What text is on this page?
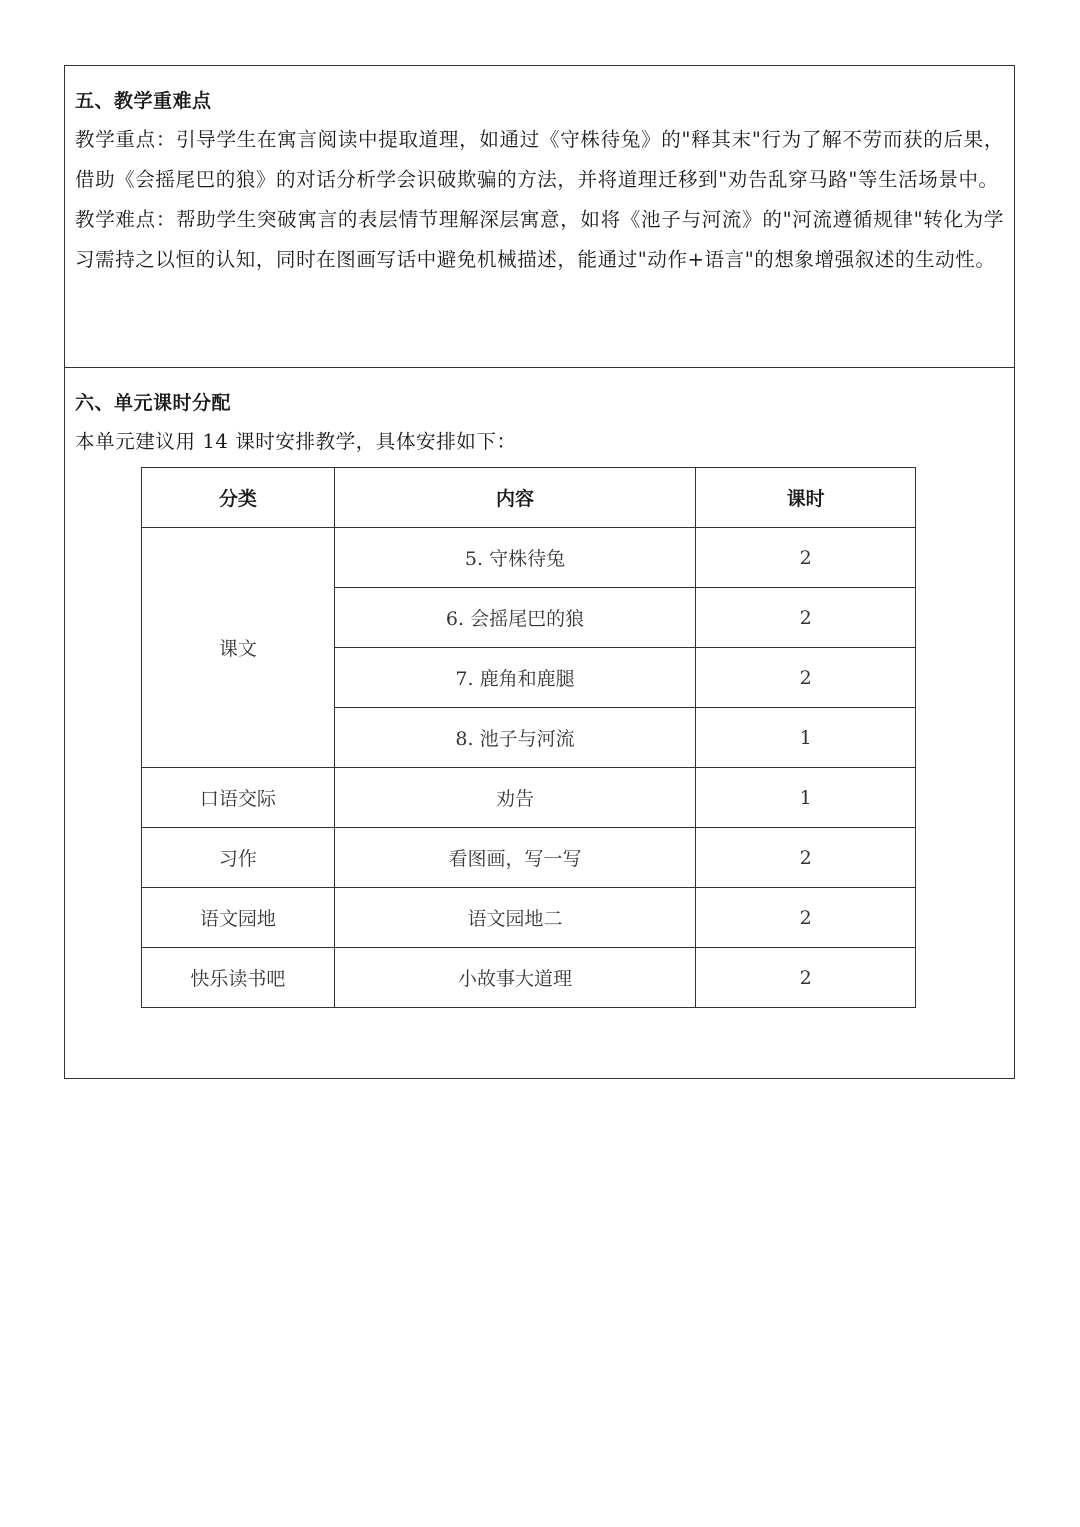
五、教学重难点

教学重点：引导学生在寓言阅读中提取道理，如通过《守株待兔》的"释其末"行为了解不劳而获的后果，借助《会摇尾巴的狼》的对话分析学会识破欺骗的方法，并将道理迁移到"劝告乱穿马路"等生活场景中。

教学难点：帮助学生突破寓言的表层情节理解深层寓意，如将《池子与河流》的"河流遵循规律"转化为学习需持之以恒的认知，同时在图画写话中避免机械描述，能通过"动作+语言"的想象增强叙述的生动性。

六、单元课时分配

本单元建议用 14 课时安排教学，具体安排如下：

分类	内容	课时
课文	5. 守株待兔	2
	6. 会摇尾巴的狼	2
	7. 鹿角和鹿腿	2
	8. 池子与河流	1
口语交际	劝告	1
习作	看图画，写一写	2
语文园地	语文园地二	2
快乐读书吧	小故事大道理	2
